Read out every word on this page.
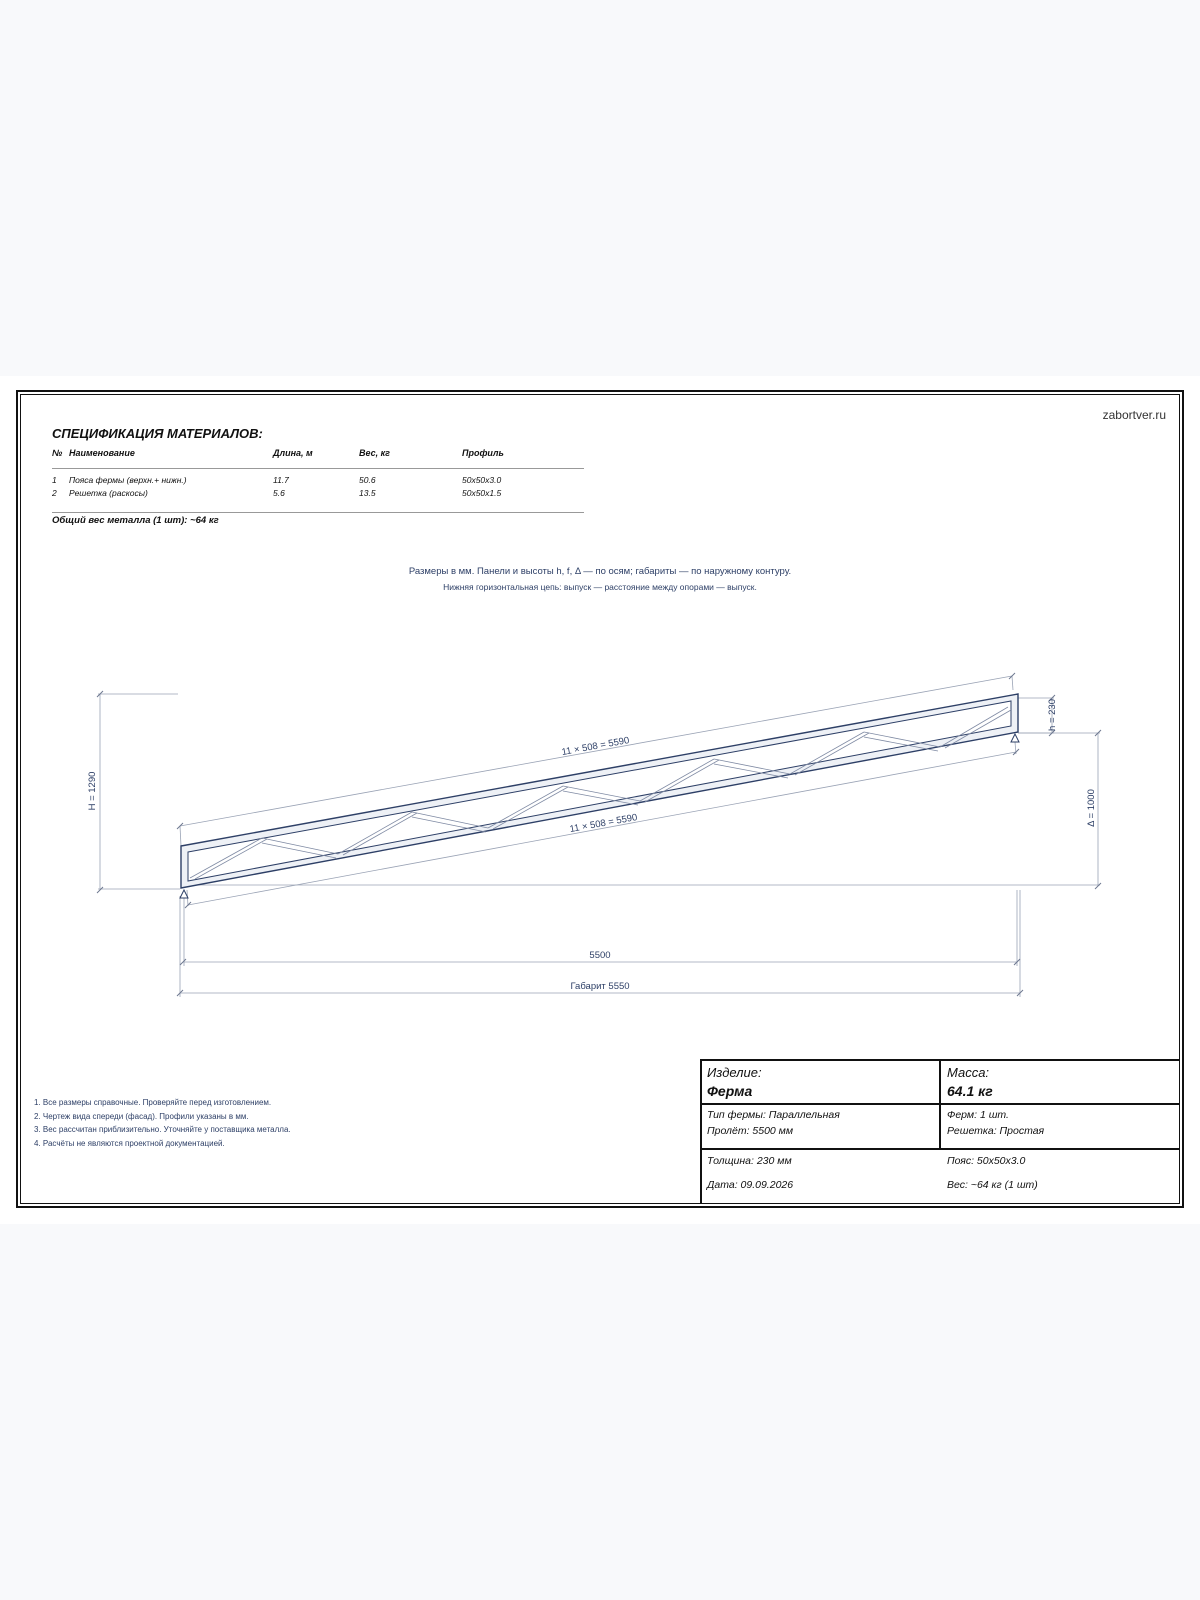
zabortver.ru
СПЕЦИФИКАЦИЯ МАТЕРИАЛОВ:
№ Наименование	Длина, м	Вес, кг	Профиль
1 Пояса фермы (верхн.+ нижн.)	11.7	50.6	50x50x3.0
2 Решетка (раскосы)	5.6	13.5	50x50x1.5
Общий вес металла (1 шт): ~64 кг
Размеры в мм. Панели и высоты h, f, Δ — по осям; габариты — по наружному контуру.
Нижняя горизонтальная цепь: выпуск — расстояние между опорами — выпуск.
11 × 508 = 5590
11 × 508 = 5590
H = 1290
h = 230
Δ = 1000
5500
Габарит 5550
1. Все размеры справочные. Проверяйте перед изготовлением.
2. Чертеж вида спереди (фасад). Профили указаны в мм.
3. Вес рассчитан приблизительно. Уточняйте у поставщика металла.
4. Расчёты не являются проектной документацией.
Изделие:
Ферма
Масса:
64.1 кг
Тип фермы: Параллельная
Пролёт: 5500 мм
Ферм: 1 шт.
Решетка: Простая
Толщина: 230 мм	Пояс: 50x50x3.0
Дата: 09.09.2026	Вес: ~64 кг (1 шт)
